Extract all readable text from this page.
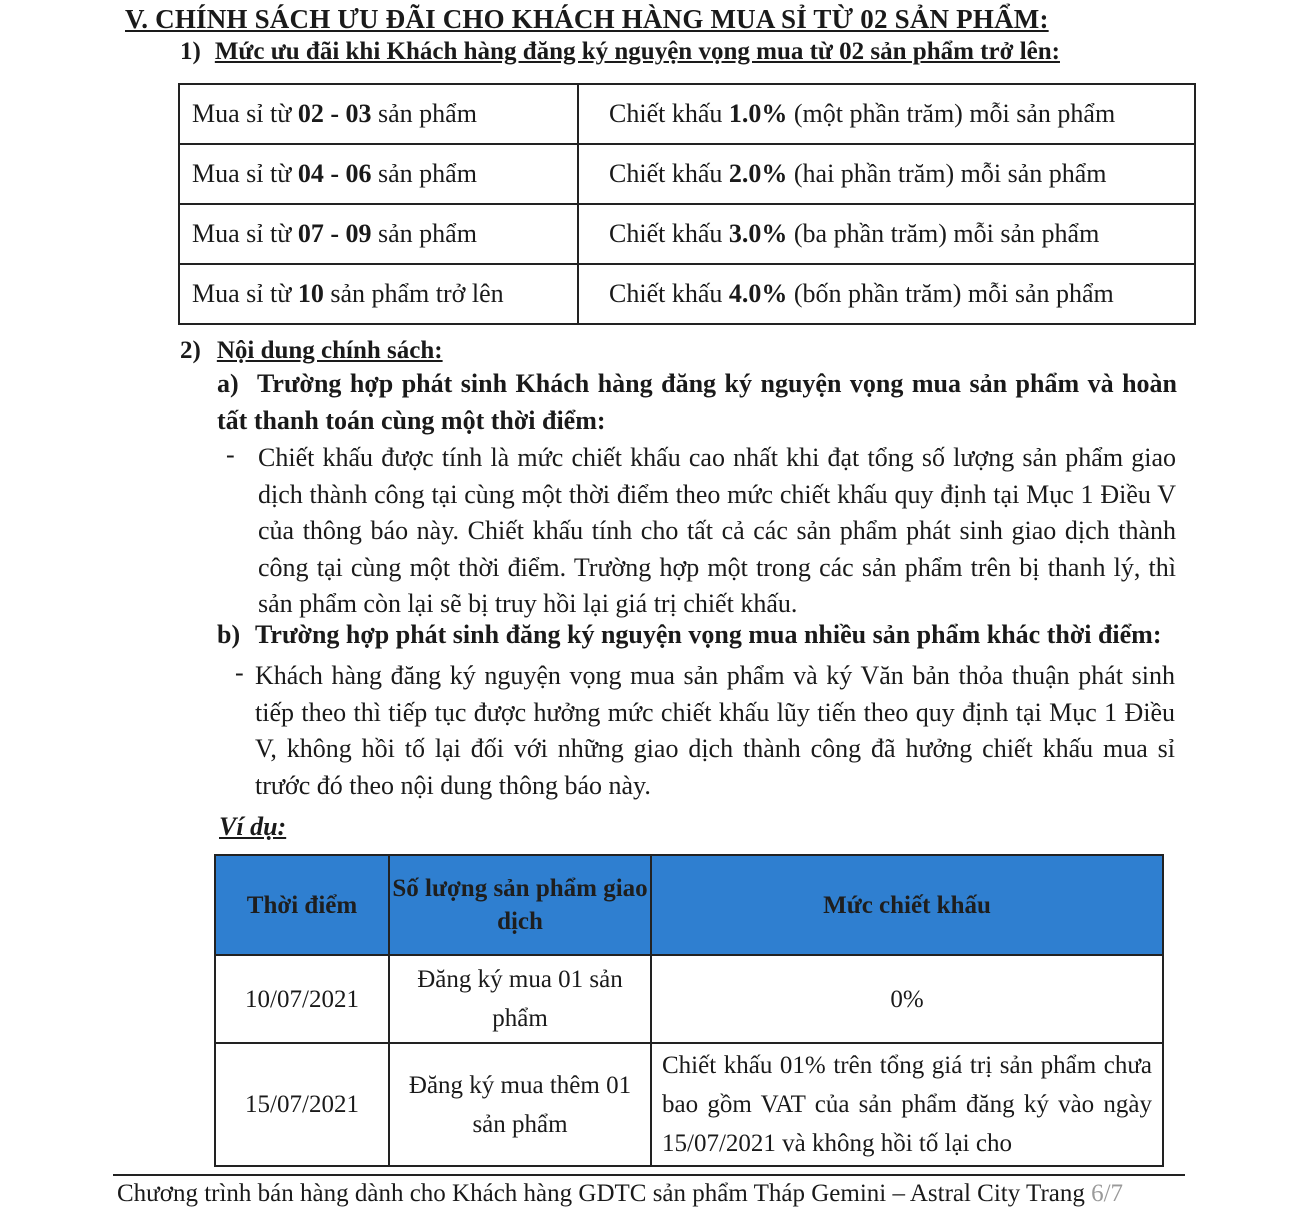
V. CHÍNH SÁCH ƯU ĐÃI CHO KHÁCH HÀNG MUA SỈ TỪ 02 SẢN PHẨM:
1) Mức ưu đãi khi Khách hàng đăng ký nguyện vọng mua từ 02 sản phẩm trở lên:
Mua sỉ từ 02 - 03 sản phẩm	Chiết khấu 1.0% (một phần trăm) mỗi sản phẩm
Mua sỉ từ 04 - 06 sản phẩm	Chiết khấu 2.0% (hai phần trăm) mỗi sản phẩm
Mua sỉ từ 07 - 09 sản phẩm	Chiết khấu 3.0% (ba phần trăm) mỗi sản phẩm
Mua sỉ từ 10 sản phẩm trở lên	Chiết khấu 4.0% (bốn phần trăm) mỗi sản phẩm
2) Nội dung chính sách:
a) Trường hợp phát sinh Khách hàng đăng ký nguyện vọng mua sản phẩm và hoàn tất thanh toán cùng một thời điểm:
- Chiết khấu được tính là mức chiết khấu cao nhất khi đạt tổng số lượng sản phẩm giao dịch thành công tại cùng một thời điểm theo mức chiết khấu quy định tại Mục 1 Điều V của thông báo này. Chiết khấu tính cho tất cả các sản phẩm phát sinh giao dịch thành công tại cùng một thời điểm. Trường hợp một trong các sản phẩm trên bị thanh lý, thì sản phẩm còn lại sẽ bị truy hồi lại giá trị chiết khấu.
b) Trường hợp phát sinh đăng ký nguyện vọng mua nhiều sản phẩm khác thời điểm:
- Khách hàng đăng ký nguyện vọng mua sản phẩm và ký Văn bản thỏa thuận phát sinh tiếp theo thì tiếp tục được hưởng mức chiết khấu lũy tiến theo quy định tại Mục 1 Điều V, không hồi tố lại đối với những giao dịch thành công đã hưởng chiết khấu mua sỉ trước đó theo nội dung thông báo này.
Ví dụ:
Thời điểm	Số lượng sản phẩm giao dịch	Mức chiết khấu
10/07/2021	Đăng ký mua 01 sản phẩm	0%
15/07/2021	Đăng ký mua thêm 01 sản phẩm	Chiết khấu 01% trên tổng giá trị sản phẩm chưa bao gồm VAT của sản phẩm đăng ký vào ngày 15/07/2021 và không hồi tố lại cho
Chương trình bán hàng dành cho Khách hàng GDTC sản phẩm Tháp Gemini – Astral City Trang 6/7
